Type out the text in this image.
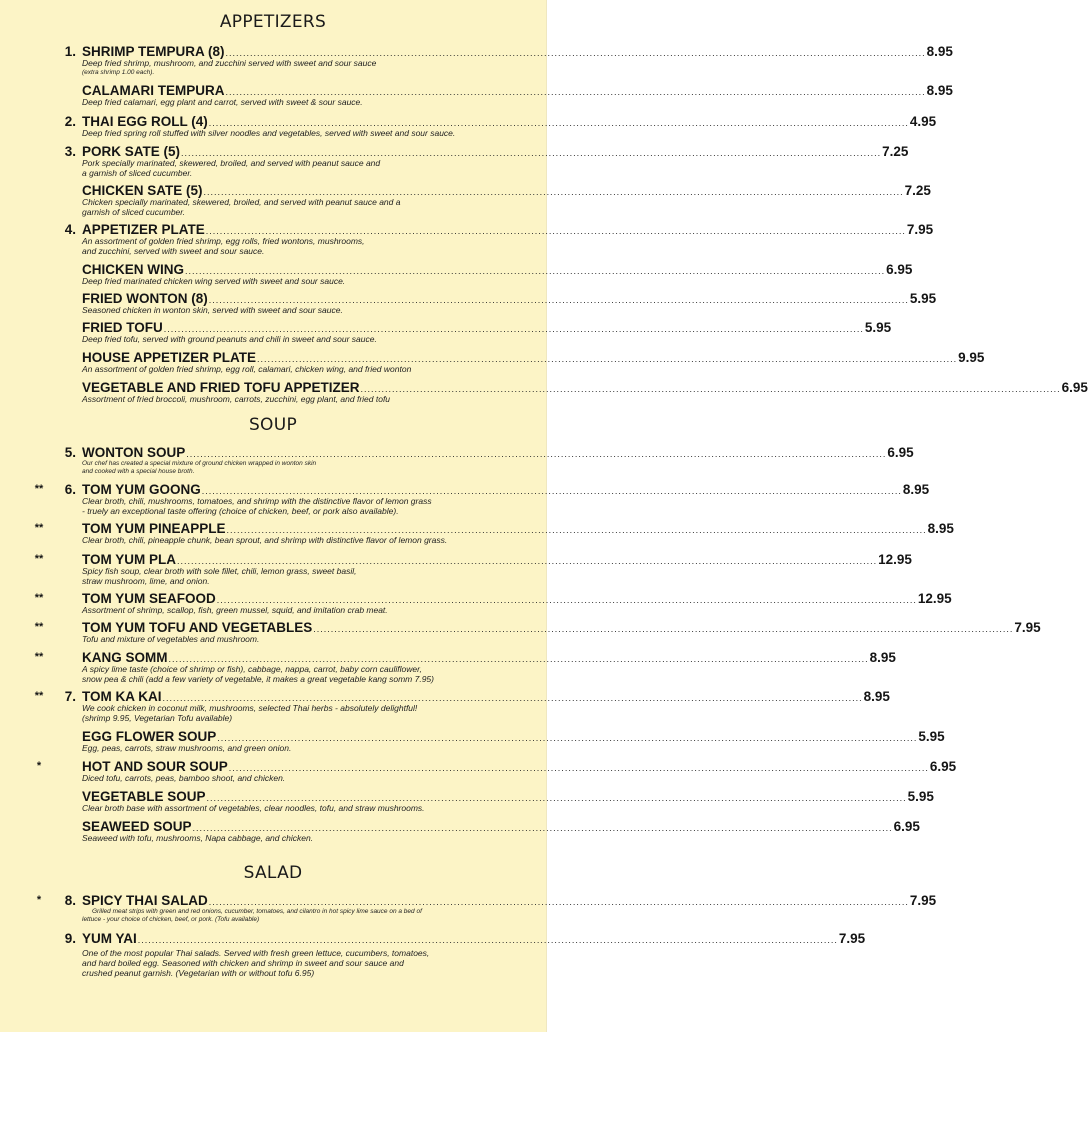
APPETIZERS
1. SHRIMP TEMPURA (8) ........................................................................................................................................................................................................ 8.95
Deep fried shrimp, mushroom, and zucchini served with sweet and sour sauce
(extra shrimp 1.00 each).
CALAMARI TEMPURA ........................................................................................................................................................................................................ 8.95
Deep fried calamari, egg plant and carrot, served with sweet & sour sauce.
2. THAI EGG ROLL (4) ........................................................................................................................................................................................................ 4.95
Deep fried spring roll stuffed with silver noodles and vegetables, served with sweet and sour sauce.
3. PORK SATE (5) ........................................................................................................................................................................................................ 7.25
Pork specially marinated, skewered, broiled, and served with peanut sauce and
a garnish of sliced cucumber.
CHICKEN SATE (5) ........................................................................................................................................................................................................ 7.25
Chicken specially marinated, skewered, broiled, and served with peanut sauce and a
garnish of sliced cucumber.
4. APPETIZER PLATE ........................................................................................................................................................................................................ 7.95
An assortment of golden fried shrimp, egg rolls, fried wontons, mushrooms,
and zucchini, served with sweet and sour sauce.
CHICKEN WING ........................................................................................................................................................................................................ 6.95
Deep fried marinated chicken wing served with sweet and sour sauce.
FRIED WONTON (8) ........................................................................................................................................................................................................ 5.95
Seasoned chicken in wonton skin, served with sweet and sour sauce.
FRIED TOFU ........................................................................................................................................................................................................ 5.95
Deep fried tofu, served with ground peanuts and chili in sweet and sour sauce.
HOUSE APPETIZER PLATE ........................................................................................................................................................................................................ 9.95
An assortment of golden fried shrimp, egg roll, calamari, chicken wing, and fried wonton
VEGETABLE AND FRIED TOFU APPETIZER ........................................................................................................................................................................................................ 6.95
Assortment of fried broccoli, mushroom, carrots, zucchini, egg plant, and fried tofu
SOUP
5. WONTON SOUP ........................................................................................................................................................................................................ 6.95
Our chef has created a special mixture of ground chicken wrapped in wonton skin
and cooked with a special house broth.
**	6. TOM YUM GOONG ........................................................................................................................................................................................................ 8.95
Clear broth, chili, mushrooms, tomatoes, and shrimp with the distinctive flavor of lemon grass
- truely an exceptional taste offering (choice of chicken, beef, or pork also available).
**	TOM YUM PINEAPPLE ........................................................................................................................................................................................................ 8.95
Clear broth, chili, pineapple chunk, bean sprout, and shrimp with distinctive flavor of lemon grass.
**	TOM YUM PLA ........................................................................................................................................................................................................ 12.95
Spicy fish soup, clear broth with sole fillet, chili, lemon grass, sweet basil,
straw mushroom, lime, and onion.
**	TOM YUM SEAFOOD ........................................................................................................................................................................................................ 12.95
Assortment of shrimp, scallop, fish, green mussel, squid, and imitation crab meat.
**	TOM YUM TOFU AND VEGETABLES ........................................................................................................................................................................................................ 7.95
Tofu and mixture of vegetables and mushroom.
**	KANG SOMM ........................................................................................................................................................................................................ 8.95
A spicy lime taste (choice of shrimp or fish), cabbage, nappa, carrot, baby corn cauliflower,
snow pea & chili (add a few variety of vegetable, it makes a great vegetable kang somm 7.95)
**	7. TOM KA KAI ........................................................................................................................................................................................................ 8.95
We cook chicken in coconut milk, mushrooms, selected Thai herbs - absolutely delightful!
(shrimp 9.95, Vegetarian Tofu available)
EGG FLOWER SOUP ........................................................................................................................................................................................................ 5.95
Egg, peas, carrots, straw mushrooms, and green onion.
*	HOT AND SOUR SOUP ........................................................................................................................................................................................................ 6.95
Diced tofu, carrots, peas, bamboo shoot, and chicken.
VEGETABLE SOUP ........................................................................................................................................................................................................ 5.95
Clear broth base with assortment of vegetables, clear noodles, tofu, and straw mushrooms.
SEAWEED SOUP ........................................................................................................................................................................................................ 6.95
Seaweed with tofu, mushrooms, Napa cabbage, and chicken.
SALAD
*	8. SPICY THAI SALAD ........................................................................................................................................................................................................ 7.95
Grilled meat strips with green and red onions, cucumber, tomatoes, and cilantro in hot spicy lime sauce on a bed of
lettuce - your choice of chicken, beef, or pork. (Tofu available)
9. YUM YAI ........................................................................................................................................................................................................ 7.95
One of the most popular Thai salads. Served with fresh green lettuce, cucumbers, tomatoes,
and hard boiled egg. Seasoned with chicken and shrimp in sweet and sour sauce and
crushed peanut garnish. (Vegetarian with or without tofu 6.95)
